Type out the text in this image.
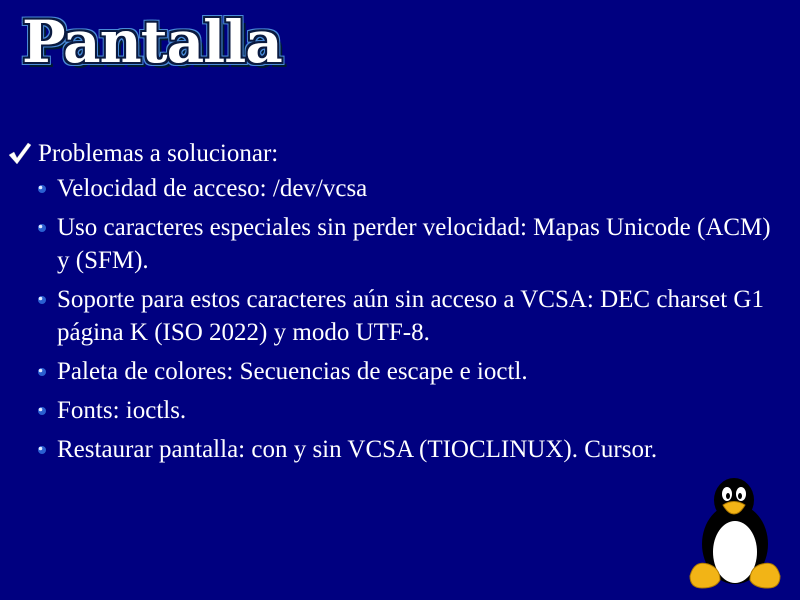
Pantalla
Problemas a solucionar:
Velocidad de acceso: /dev/vcsa
Uso caracteres especiales sin perder velocidad: Mapas Unicode (ACM) y (SFM).
Soporte para estos caracteres aún sin acceso a VCSA: DEC charset G1 página K (ISO 2022) y modo UTF-8.
Paleta de colores: Secuencias de escape e ioctl.
Fonts: ioctls.
Restaurar pantalla: con y sin VCSA (TIOCLINUX). Cursor.
